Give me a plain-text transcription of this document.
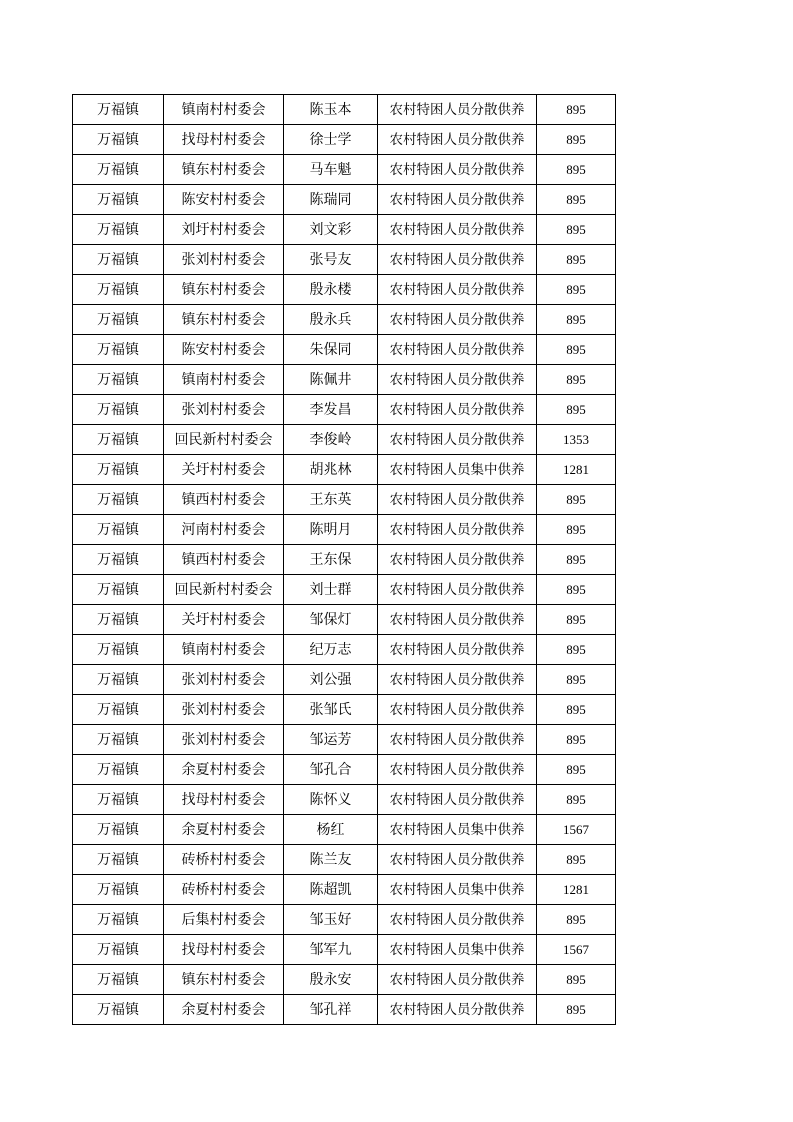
万福镇	镇南村村委会	陈玉本	农村特困人员分散供养	895
万福镇	找母村村委会	徐士学	农村特困人员分散供养	895
万福镇	镇东村村委会	马车魁	农村特困人员分散供养	895
万福镇	陈安村村委会	陈瑞同	农村特困人员分散供养	895
万福镇	刘圩村村委会	刘文彩	农村特困人员分散供养	895
万福镇	张刘村村委会	张号友	农村特困人员分散供养	895
万福镇	镇东村村委会	殷永楼	农村特困人员分散供养	895
万福镇	镇东村村委会	殷永兵	农村特困人员分散供养	895
万福镇	陈安村村委会	朱保同	农村特困人员分散供养	895
万福镇	镇南村村委会	陈佩井	农村特困人员分散供养	895
万福镇	张刘村村委会	李发昌	农村特困人员分散供养	895
万福镇	回民新村村委会	李俊岭	农村特困人员分散供养	1353
万福镇	关圩村村委会	胡兆林	农村特困人员集中供养	1281
万福镇	镇西村村委会	王东英	农村特困人员分散供养	895
万福镇	河南村村委会	陈明月	农村特困人员分散供养	895
万福镇	镇西村村委会	王东保	农村特困人员分散供养	895
万福镇	回民新村村委会	刘士群	农村特困人员分散供养	895
万福镇	关圩村村委会	邹保灯	农村特困人员分散供养	895
万福镇	镇南村村委会	纪万志	农村特困人员分散供养	895
万福镇	张刘村村委会	刘公强	农村特困人员分散供养	895
万福镇	张刘村村委会	张邹氏	农村特困人员分散供养	895
万福镇	张刘村村委会	邹运芳	农村特困人员分散供养	895
万福镇	余夏村村委会	邹孔合	农村特困人员分散供养	895
万福镇	找母村村委会	陈怀义	农村特困人员分散供养	895
万福镇	余夏村村委会	杨红	农村特困人员集中供养	1567
万福镇	砖桥村村委会	陈兰友	农村特困人员分散供养	895
万福镇	砖桥村村委会	陈超凯	农村特困人员集中供养	1281
万福镇	后集村村委会	邹玉好	农村特困人员分散供养	895
万福镇	找母村村委会	邹军九	农村特困人员集中供养	1567
万福镇	镇东村村委会	殷永安	农村特困人员分散供养	895
万福镇	余夏村村委会	邹孔祥	农村特困人员分散供养	895
